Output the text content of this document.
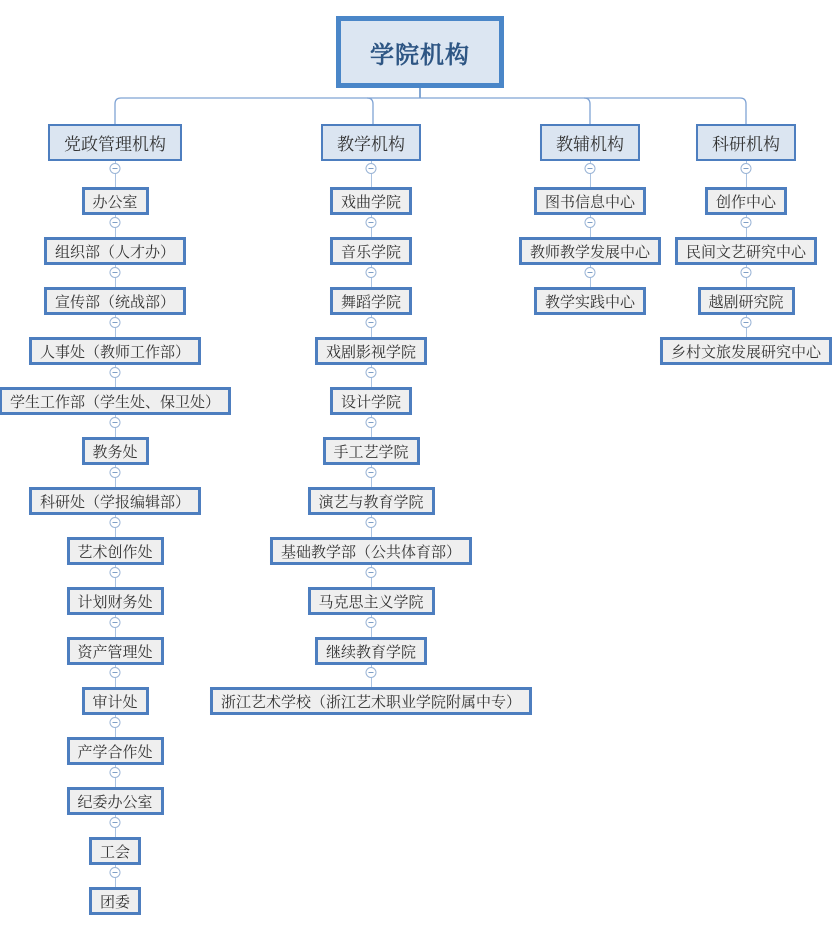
学院机构
党政管理机构
办公室
组织部（人才办）
宣传部（统战部）
人事处（教师工作部）
学生工作部（学生处、保卫处）
教务处
科研处（学报编辑部）
艺术创作处
计划财务处
资产管理处
审计处
产学合作处
纪委办公室
工会
团委
教学机构
戏曲学院
音乐学院
舞蹈学院
戏剧影视学院
设计学院
手工艺学院
演艺与教育学院
基础教学部（公共体育部）
马克思主义学院
继续教育学院
浙江艺术学校（浙江艺术职业学院附属中专）
教辅机构
图书信息中心
教师教学发展中心
教学实践中心
科研机构
创作中心
民间文艺研究中心
越剧研究院
乡村文旅发展研究中心
